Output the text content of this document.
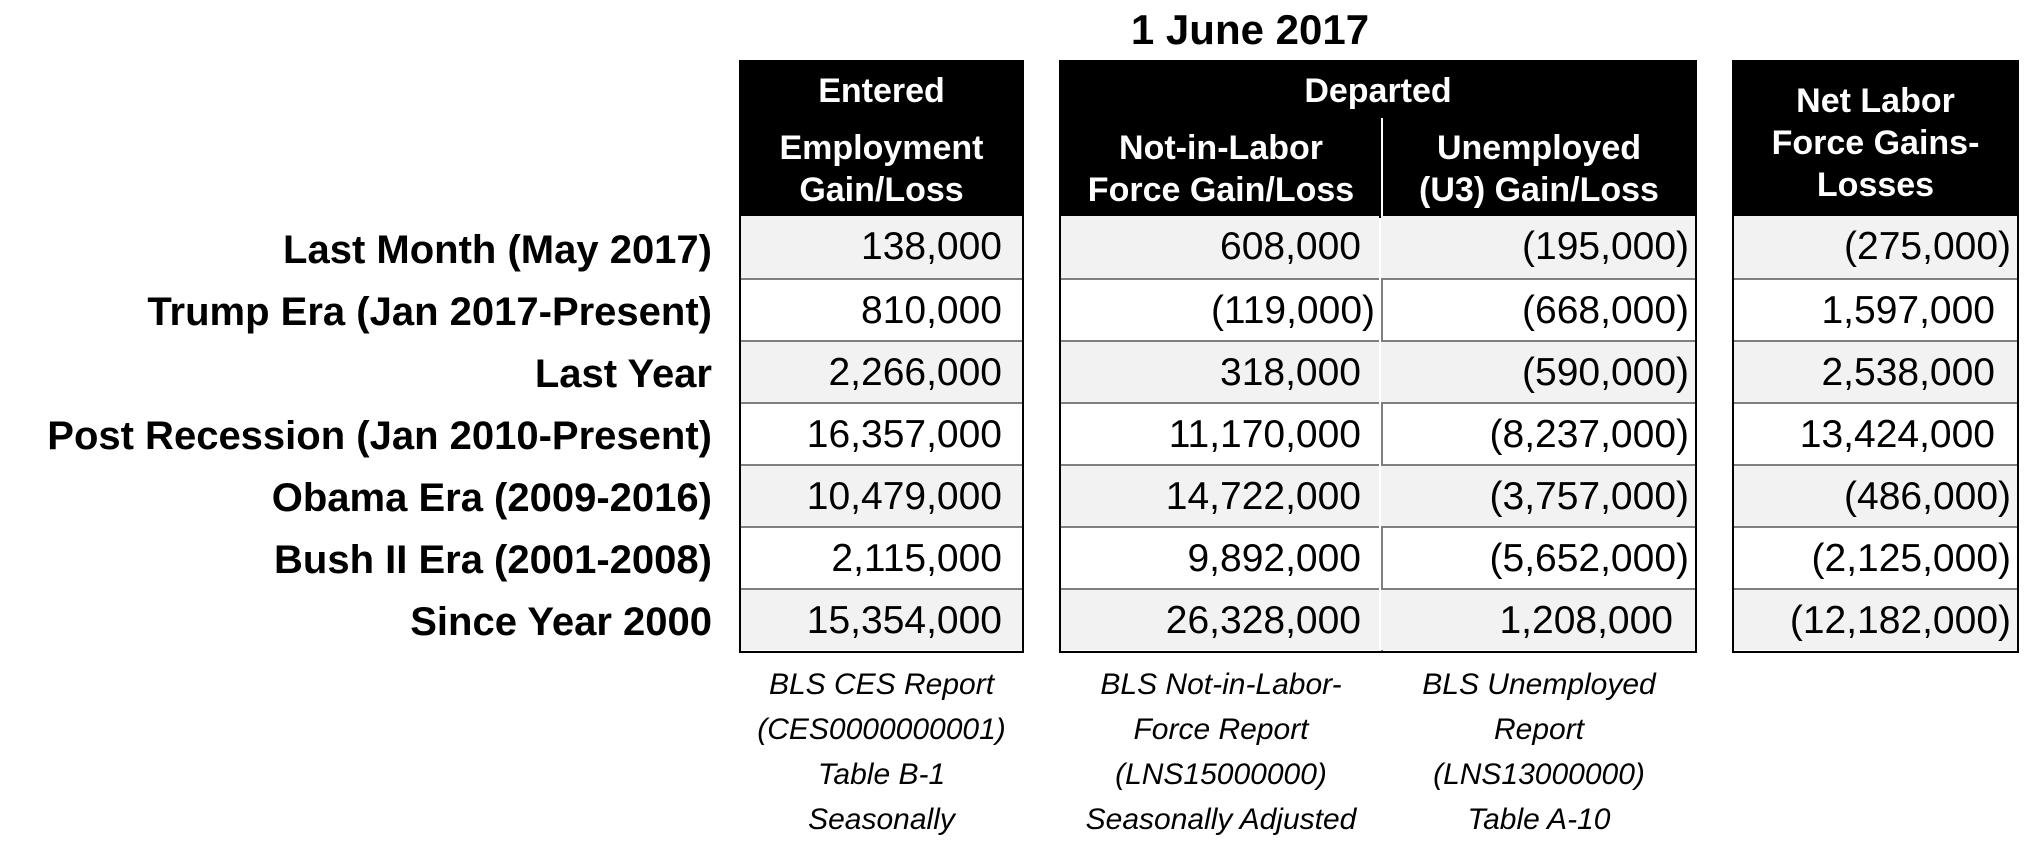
1 June 2017
Entered
Employment
Gain/Loss
Departed
Not-in-Labor
Force Gain/Loss
Unemployed
(U3) Gain/Loss
Net Labor
Force Gains-
Losses
Last Month (May 2017)
Trump Era (Jan 2017-Present)
Last Year
Post Recession (Jan 2010-Present)
Obama Era (2009-2016)
Bush II Era (2001-2008)
Since Year 2000
138,000
810,000
2,266,000
16,357,000
10,479,000
2,115,000
15,354,000
608,000
(119,000)
318,000
11,170,000
14,722,000
9,892,000
26,328,000
(195,000)
(668,000)
(590,000)
(8,237,000)
(3,757,000)
(5,652,000)
1,208,000
(275,000)
1,597,000
2,538,000
13,424,000
(486,000)
(2,125,000)
(12,182,000)
BLS CES Report
(CES0000000001)
Table B-1
Seasonally
BLS Not-in-Labor-
Force Report
(LNS15000000)
Seasonally Adjusted
BLS Unemployed
Report
(LNS13000000)
Table A-10
